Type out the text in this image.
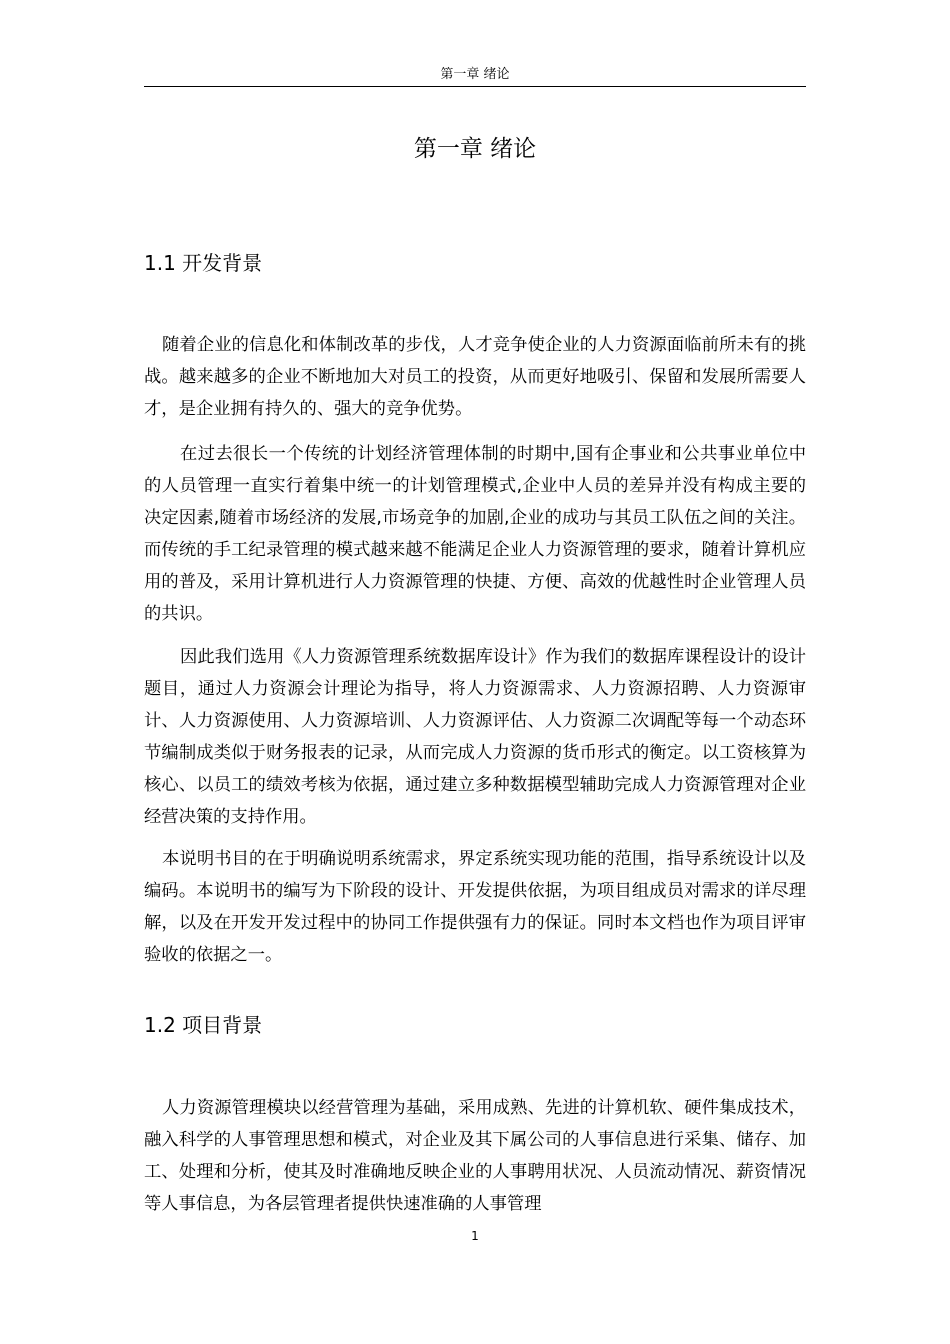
第一章 绪论
第一章 绪论
1.1 开发背景

随着企业的信息化和体制改革的步伐，人才竞争使企业的人力资源面临前所未有的挑战。越来越多的企业不断地加大对员工的投资，从而更好地吸引、保留和发展所需要人才，是企业拥有持久的、强大的竞争优势。

在过去很长一个传统的计划经济管理体制的时期中,国有企事业和公共事业单位中的人员管理一直实行着集中统一的计划管理模式,企业中人员的差异并没有构成主要的决定因素,随着市场经济的发展,市场竞争的加剧,企业的成功与其员工队伍之间的关注。而传统的手工纪录管理的模式越来越不能满足企业人力资源管理的要求，随着计算机应用的普及，采用计算机进行人力资源管理的快捷、方便、高效的优越性时企业管理人员的共识。

因此我们选用《人力资源管理系统数据库设计》作为我们的数据库课程设计的设计题目，通过人力资源会计理论为指导，将人力资源需求、人力资源招聘、人力资源审计、人力资源使用、人力资源培训、人力资源评估、人力资源二次调配等每一个动态环节编制成类似于财务报表的记录，从而完成人力资源的货币形式的衡定。以工资核算为核心、以员工的绩效考核为依据，通过建立多种数据模型辅助完成人力资源管理对企业经营决策的支持作用。

本说明书目的在于明确说明系统需求，界定系统实现功能的范围，指导系统设计以及编码。本说明书的编写为下阶段的设计、开发提供依据，为项目组成员对需求的详尽理解，以及在开发开发过程中的协同工作提供强有力的保证。同时本文档也作为项目评审验收的依据之一。

1.2 项目背景

人力资源管理模块以经营管理为基础，采用成熟、先进的计算机软、硬件集成技术，融入科学的人事管理思想和模式，对企业及其下属公司的人事信息进行采集、储存、加工、处理和分析，使其及时准确地反映企业的人事聘用状况、人员流动情况、薪资情况等人事信息，为各层管理者提供快速准确的人事管理

1
